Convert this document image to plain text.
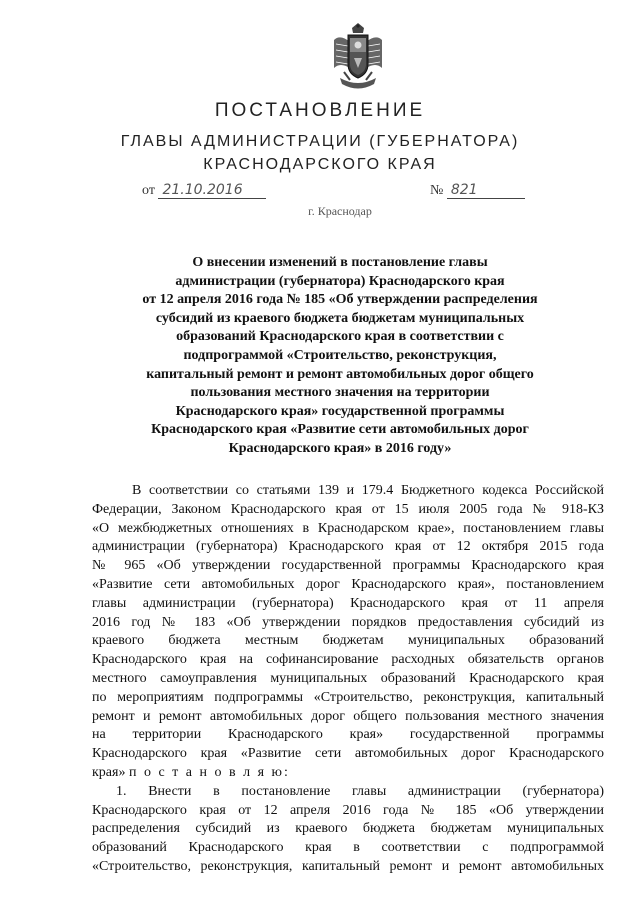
ПОСТАНОВЛЕНИЕ
ГЛАВЫ АДМИНИСТРАЦИИ (ГУБЕРНАТОРА)
КРАСНОДАРСКОГО КРАЯ
от 21.10.2016	№ 821
г. Краснодар
О внесении изменений в постановление главы
администрации (губернатора) Краснодарского края
от 12 апреля 2016 года № 185 «Об утверждении распределения
субсидий из краевого бюджета бюджетам муниципальных
образований Краснодарского края в соответствии с
подпрограммой «Строительство, реконструкция,
капитальный ремонт и ремонт автомобильных дорог общего
пользования местного значения на территории
Краснодарского края» государственной программы
Краснодарского края «Развитие сети автомобильных дорог
Краснодарского края» в 2016 году»
В соответствии со статьями 139 и 179.4 Бюджетного кодекса Российской
Федерации, Законом Краснодарского края от 15 июля 2005 года № 918-КЗ
«О межбюджетных отношениях в Краснодарском крае», постановлением главы
администрации (губернатора) Краснодарского края от 12 октября 2015 года
№ 965 «Об утверждении государственной программы Краснодарского края
«Развитие сети автомобильных дорог Краснодарского края», постановлением
главы администрации (губернатора) Краснодарского края от 11 апреля
2016 год № 183 «Об утверждении порядков предоставления субсидий из
краевого бюджета местным бюджетам муниципальных образований
Краснодарского края на софинансирование расходных обязательств органов
местного самоуправления муниципальных образований Краснодарского края
по мероприятиям подпрограммы «Строительство, реконструкция, капитальный
ремонт и ремонт автомобильных дорог общего пользования местного значения
на территории Краснодарского края» государственной программы
Краснодарского края «Развитие сети автомобильных дорог Краснодарского
края» п о с т а н о в л я ю:
1. Внести в постановление главы администрации (губернатора)
Краснодарского края от 12 апреля 2016 года № 185 «Об утверждении
распределения субсидий из краевого бюджета бюджетам муниципальных
образований Краснодарского края в соответствии с подпрограммой
«Строительство, реконструкция, капитальный ремонт и ремонт автомобильных
